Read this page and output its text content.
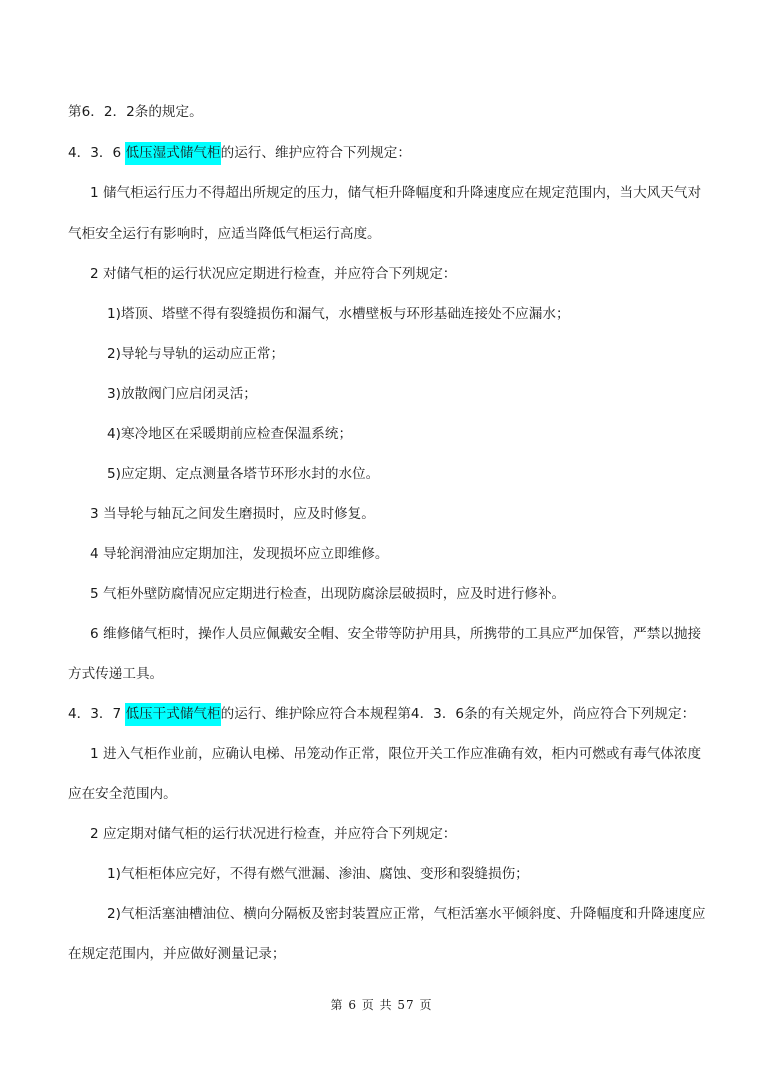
第6．2．2条的规定。
4．3．6 低压湿式储气柜的运行、维护应符合下列规定：
1 储气柜运行压力不得超出所规定的压力，储气柜升降幅度和升降速度应在规定范围内，当大风天气对
气柜安全运行有影响时，应适当降低气柜运行高度。
2 对储气柜的运行状况应定期进行检查，并应符合下列规定：
1)塔顶、塔壁不得有裂缝损伤和漏气，水槽壁板与环形基础连接处不应漏水；
2)导轮与导轨的运动应正常；
3)放散阀门应启闭灵活；
4)寒冷地区在采暖期前应检查保温系统；
5)应定期、定点测量各塔节环形水封的水位。
3 当导轮与轴瓦之间发生磨损时，应及时修复。
4 导轮润滑油应定期加注，发现损坏应立即维修。
5 气柜外壁防腐情况应定期进行检查，出现防腐涂层破损时，应及时进行修补。
6 维修储气柜时，操作人员应佩戴安全帽、安全带等防护用具，所携带的工具应严加保管，严禁以抛接
方式传递工具。
4．3．7 低压干式储气柜的运行、维护除应符合本规程第4．3．6条的有关规定外，尚应符合下列规定：
1 进入气柜作业前，应确认电梯、吊笼动作正常，限位开关工作应准确有效，柜内可燃或有毒气体浓度
应在安全范围内。
2 应定期对储气柜的运行状况进行检查，并应符合下列规定：
1)气柜柜体应完好，不得有燃气泄漏、渗油、腐蚀、变形和裂缝损伤；
2)气柜活塞油槽油位、横向分隔板及密封装置应正常，气柜活塞水平倾斜度、升降幅度和升降速度应
在规定范围内，并应做好测量记录；
第 6 页 共 57 页
